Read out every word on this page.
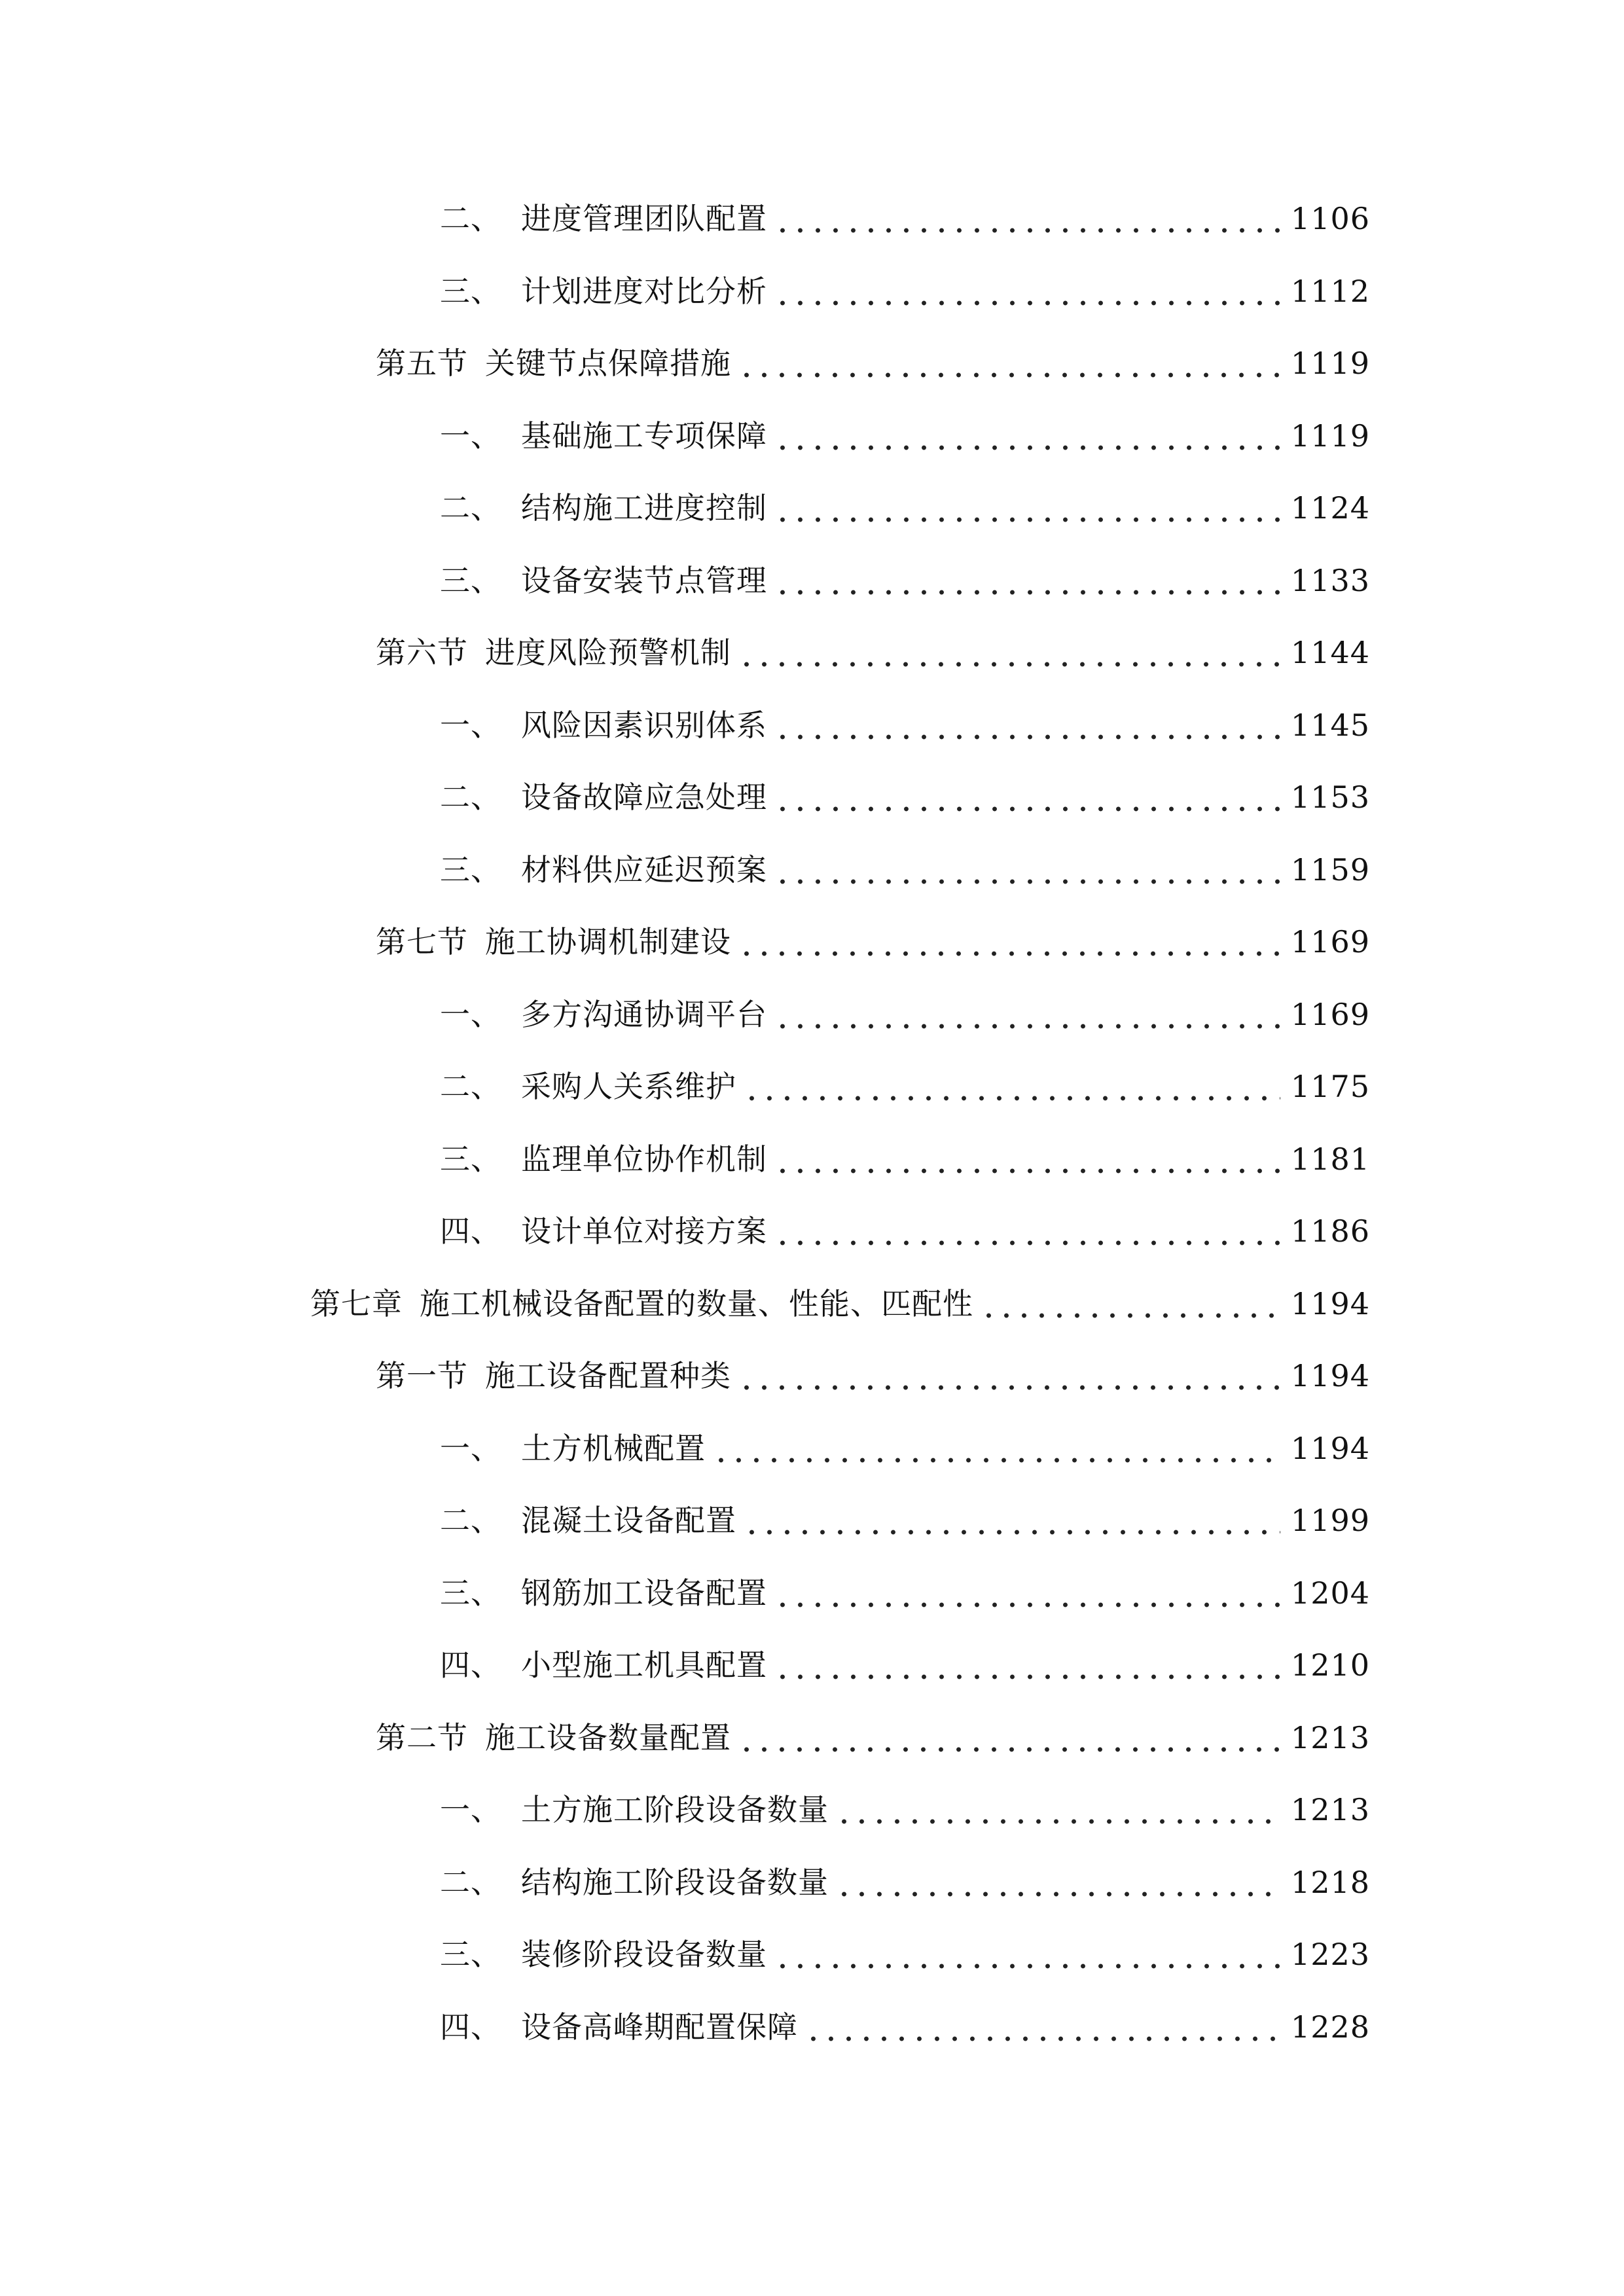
二、 进度管理团队配置	1106
三、 计划进度对比分析	1112
第五节 关键节点保障措施	1119
一、 基础施工专项保障	1119
二、 结构施工进度控制	1124
三、 设备安装节点管理	1133
第六节 进度风险预警机制	1144
一、 风险因素识别体系	1145
二、 设备故障应急处理	1153
三、 材料供应延迟预案	1159
第七节 施工协调机制建设	1169
一、 多方沟通协调平台	1169
二、 采购人关系维护	1175
三、 监理单位协作机制	1181
四、 设计单位对接方案	1186
第七章 施工机械设备配置的数量、性能、匹配性	1194
第一节 施工设备配置种类	1194
一、 土方机械配置	1194
二、 混凝土设备配置	1199
三、 钢筋加工设备配置	1204
四、 小型施工机具配置	1210
第二节 施工设备数量配置	1213
一、 土方施工阶段设备数量	1213
二、 结构施工阶段设备数量	1218
三、 装修阶段设备数量	1223
四、 设备高峰期配置保障	1228
